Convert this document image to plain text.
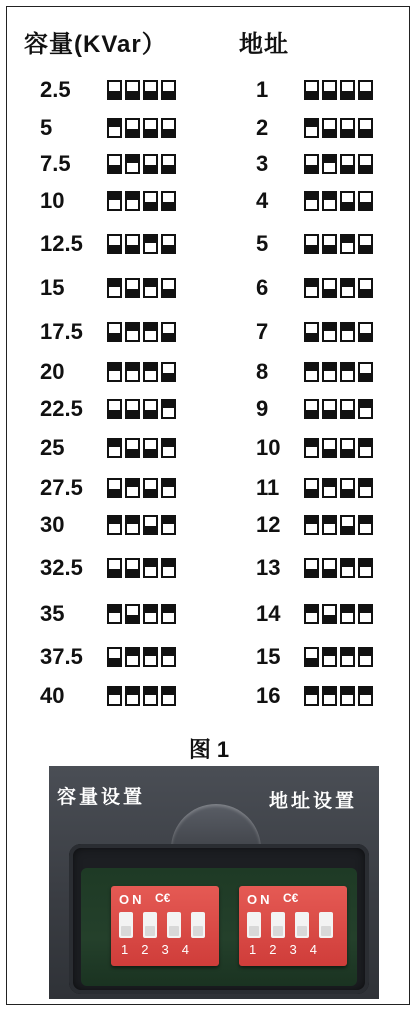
容量(KVar）	地址
2.5	1
5	2
7.5	3
10	4
12.5	5
15	6
17.5	7
20	8
22.5	9
25	10
27.5	11
30	12
32.5	13
35	14
37.5	15
40	16
图 1
容量设置	地址设置
ON C€
1 2 3 4
ON C€
1 2 3 4
